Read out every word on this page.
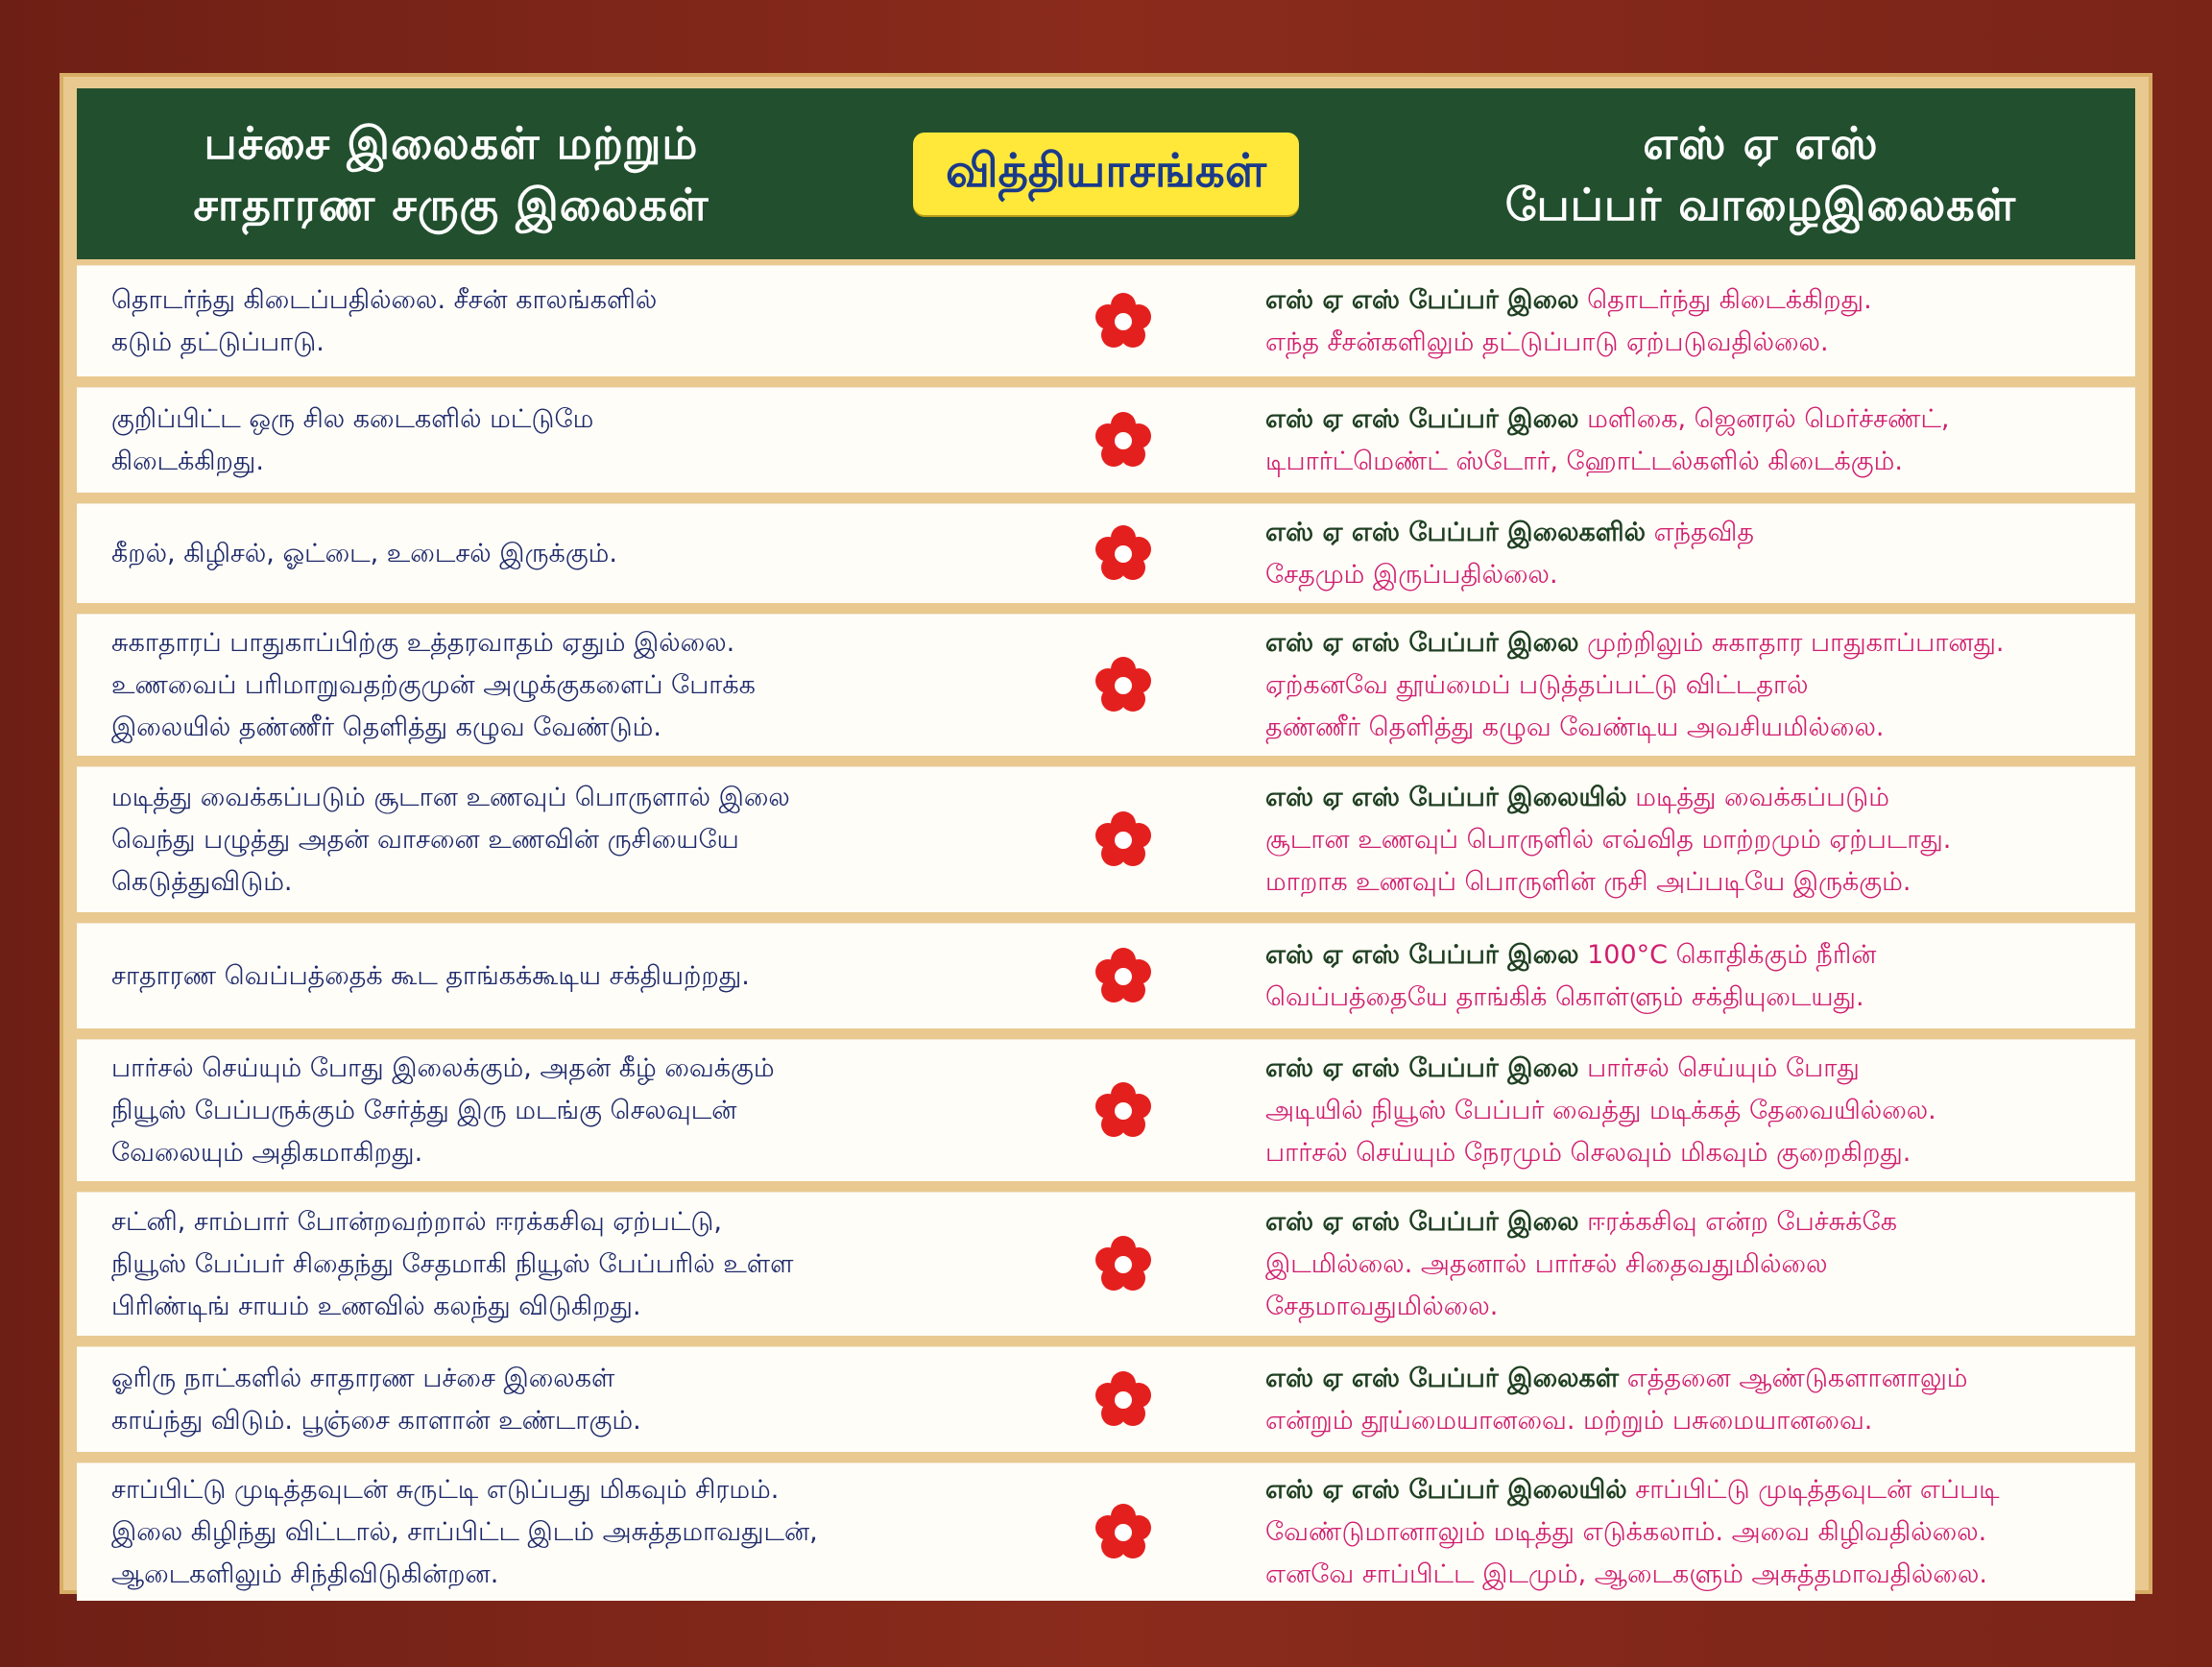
பச்சை இலைகள் மற்றும்
சாதாரண சருகு இலைகள்
வித்தியாசங்கள்
எஸ் ஏ எஸ்
பேப்பர் வாழைஇலைகள்
தொடர்ந்து கிடைப்பதில்லை. சீசன் காலங்களில்
கடும் தட்டுப்பாடு.
எஸ் ஏ எஸ் பேப்பர் இலை தொடர்ந்து கிடைக்கிறது.
எந்த சீசன்களிலும் தட்டுப்பாடு ஏற்படுவதில்லை.
குறிப்பிட்ட ஒரு சில கடைகளில் மட்டுமே
கிடைக்கிறது.
எஸ் ஏ எஸ் பேப்பர் இலை மளிகை, ஜெனரல் மெர்ச்சண்ட்,
டிபார்ட்மெண்ட் ஸ்டோர், ஹோட்டல்களில் கிடைக்கும்.
கீறல், கிழிசல், ஓட்டை, உடைசல் இருக்கும்.
எஸ் ஏ எஸ் பேப்பர் இலைகளில் எந்தவித
சேதமும் இருப்பதில்லை.
சுகாதாரப் பாதுகாப்பிற்கு உத்தரவாதம் ஏதும் இல்லை.
உணவைப் பரிமாறுவதற்குமுன் அழுக்குகளைப் போக்க
இலையில் தண்ணீர் தெளித்து கழுவ வேண்டும்.
எஸ் ஏ எஸ் பேப்பர் இலை முற்றிலும் சுகாதார பாதுகாப்பானது.
ஏற்கனவே தூய்மைப் படுத்தப்பட்டு விட்டதால்
தண்ணீர் தெளித்து கழுவ வேண்டிய அவசியமில்லை.
மடித்து வைக்கப்படும் சூடான உணவுப் பொருளால் இலை
வெந்து பழுத்து அதன் வாசனை உணவின் ருசியையே
கெடுத்துவிடும்.
எஸ் ஏ எஸ் பேப்பர் இலையில் மடித்து வைக்கப்படும்
சூடான உணவுப் பொருளில் எவ்வித மாற்றமும் ஏற்படாது.
மாறாக உணவுப் பொருளின் ருசி அப்படியே இருக்கும்.
சாதாரண வெப்பத்தைக் கூட தாங்கக்கூடிய சக்தியற்றது.
எஸ் ஏ எஸ் பேப்பர் இலை 100°C கொதிக்கும் நீரின்
வெப்பத்தையே தாங்கிக் கொள்ளும் சக்தியுடையது.
பார்சல் செய்யும் போது இலைக்கும், அதன் கீழ் வைக்கும்
நியூஸ் பேப்பருக்கும் சேர்த்து இரு மடங்கு செலவுடன்
வேலையும் அதிகமாகிறது.
எஸ் ஏ எஸ் பேப்பர் இலை பார்சல் செய்யும் போது
அடியில் நியூஸ் பேப்பர் வைத்து மடிக்கத் தேவையில்லை.
பார்சல் செய்யும் நேரமும் செலவும் மிகவும் குறைகிறது.
சட்னி, சாம்பார் போன்றவற்றால் ஈரக்கசிவு ஏற்பட்டு,
நியூஸ் பேப்பர் சிதைந்து சேதமாகி நியூஸ் பேப்பரில் உள்ள
பிரிண்டிங் சாயம் உணவில் கலந்து விடுகிறது.
எஸ் ஏ எஸ் பேப்பர் இலை ஈரக்கசிவு என்ற பேச்சுக்கே
இடமில்லை. அதனால் பார்சல் சிதைவதுமில்லை
சேதமாவதுமில்லை.
ஓரிரு நாட்களில் சாதாரண பச்சை இலைகள்
காய்ந்து விடும். பூஞ்சை காளான் உண்டாகும்.
எஸ் ஏ எஸ் பேப்பர் இலைகள் எத்தனை ஆண்டுகளானாலும்
என்றும் தூய்மையானவை. மற்றும் பசுமையானவை.
சாப்பிட்டு முடித்தவுடன் சுருட்டி எடுப்பது மிகவும் சிரமம்.
இலை கிழிந்து விட்டால், சாப்பிட்ட இடம் அசுத்தமாவதுடன்,
ஆடைகளிலும் சிந்திவிடுகின்றன.
எஸ் ஏ எஸ் பேப்பர் இலையில் சாப்பிட்டு முடித்தவுடன் எப்படி
வேண்டுமானாலும் மடித்து எடுக்கலாம். அவை கிழிவதில்லை.
எனவே சாப்பிட்ட இடமும், ஆடைகளும் அசுத்தமாவதில்லை.
